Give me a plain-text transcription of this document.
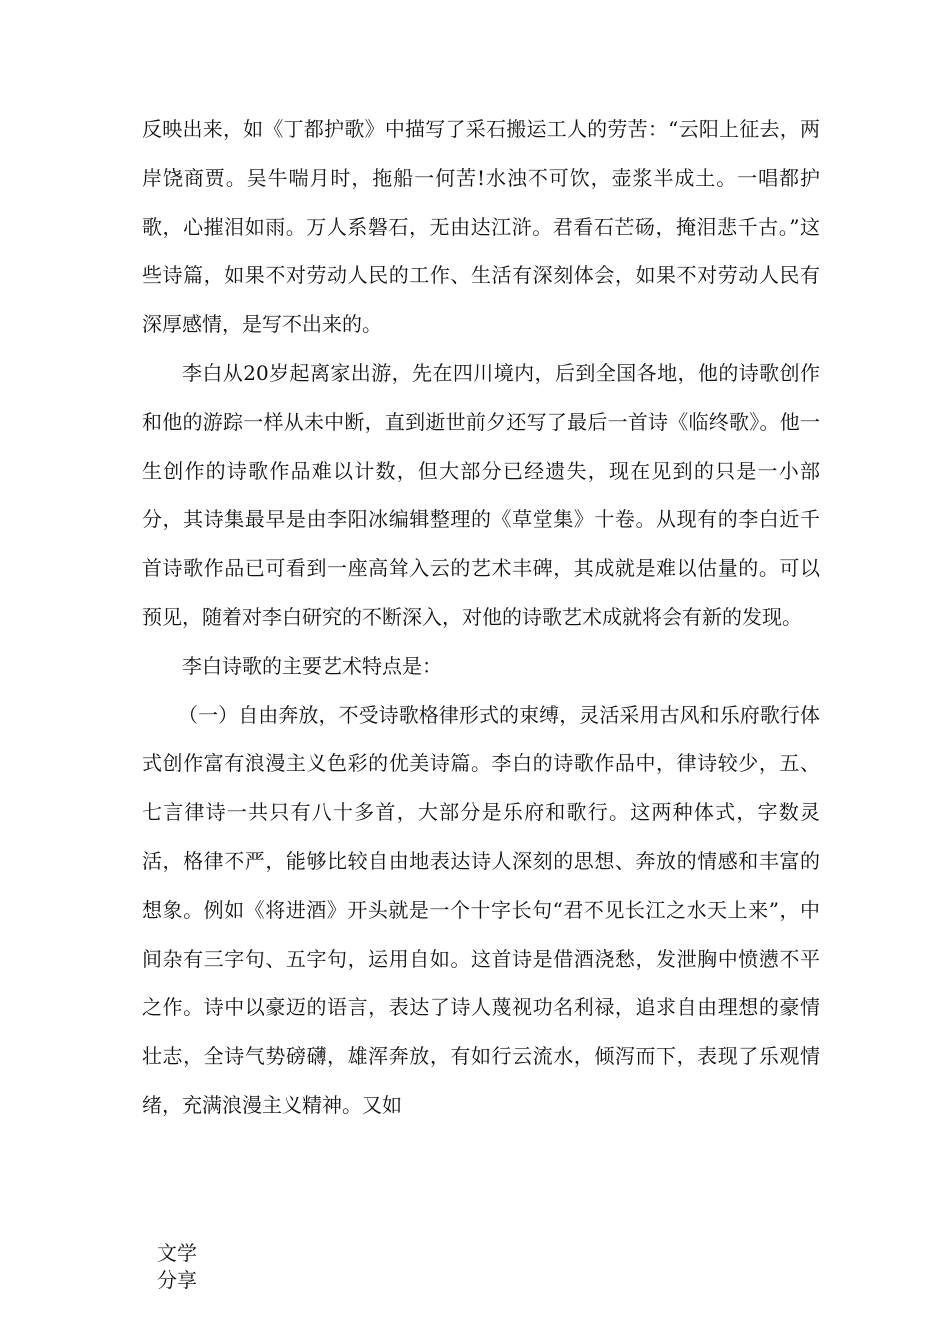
反映出来，如《丁都护歌》中描写了采石搬运工人的劳苦：“云阳上征去，两岸饶商贾。吴牛喘月时，拖船一何苦!水浊不可饮，壶浆半成土。一唱都护歌，心摧泪如雨。万人系磐石，无由达江浒。君看石芒砀，掩泪悲千古。”这些诗篇，如果不对劳动人民的工作、生活有深刻体会，如果不对劳动人民有深厚感情，是写不出来的。

李白从20岁起离家出游，先在四川境内，后到全国各地，他的诗歌创作和他的游踪一样从未中断，直到逝世前夕还写了最后一首诗《临终歌》。他一生创作的诗歌作品难以计数，但大部分已经遗失，现在见到的只是一小部分，其诗集最早是由李阳冰编辑整理的《草堂集》十卷。从现有的李白近千首诗歌作品已可看到一座高耸入云的艺术丰碑，其成就是难以估量的。可以预见，随着对李白研究的不断深入，对他的诗歌艺术成就将会有新的发现。

李白诗歌的主要艺术特点是：

（一）自由奔放，不受诗歌格律形式的束缚，灵活采用古风和乐府歌行体式创作富有浪漫主义色彩的优美诗篇。李白的诗歌作品中，律诗较少，五、七言律诗一共只有八十多首，大部分是乐府和歌行。这两种体式，字数灵活，格律不严，能够比较自由地表达诗人深刻的思想、奔放的情感和丰富的想象。例如《将进酒》开头就是一个十字长句“君不见长江之水天上来”，中间杂有三字句、五字句，运用自如。这首诗是借酒浇愁，发泄胸中愤懑不平之作。诗中以豪迈的语言，表达了诗人蔑视功名利禄，追求自由理想的豪情壮志，全诗气势磅礴，雄浑奔放，有如行云流水，倾泻而下，表现了乐观情绪，充满浪漫主义精神。又如

文学
分享
